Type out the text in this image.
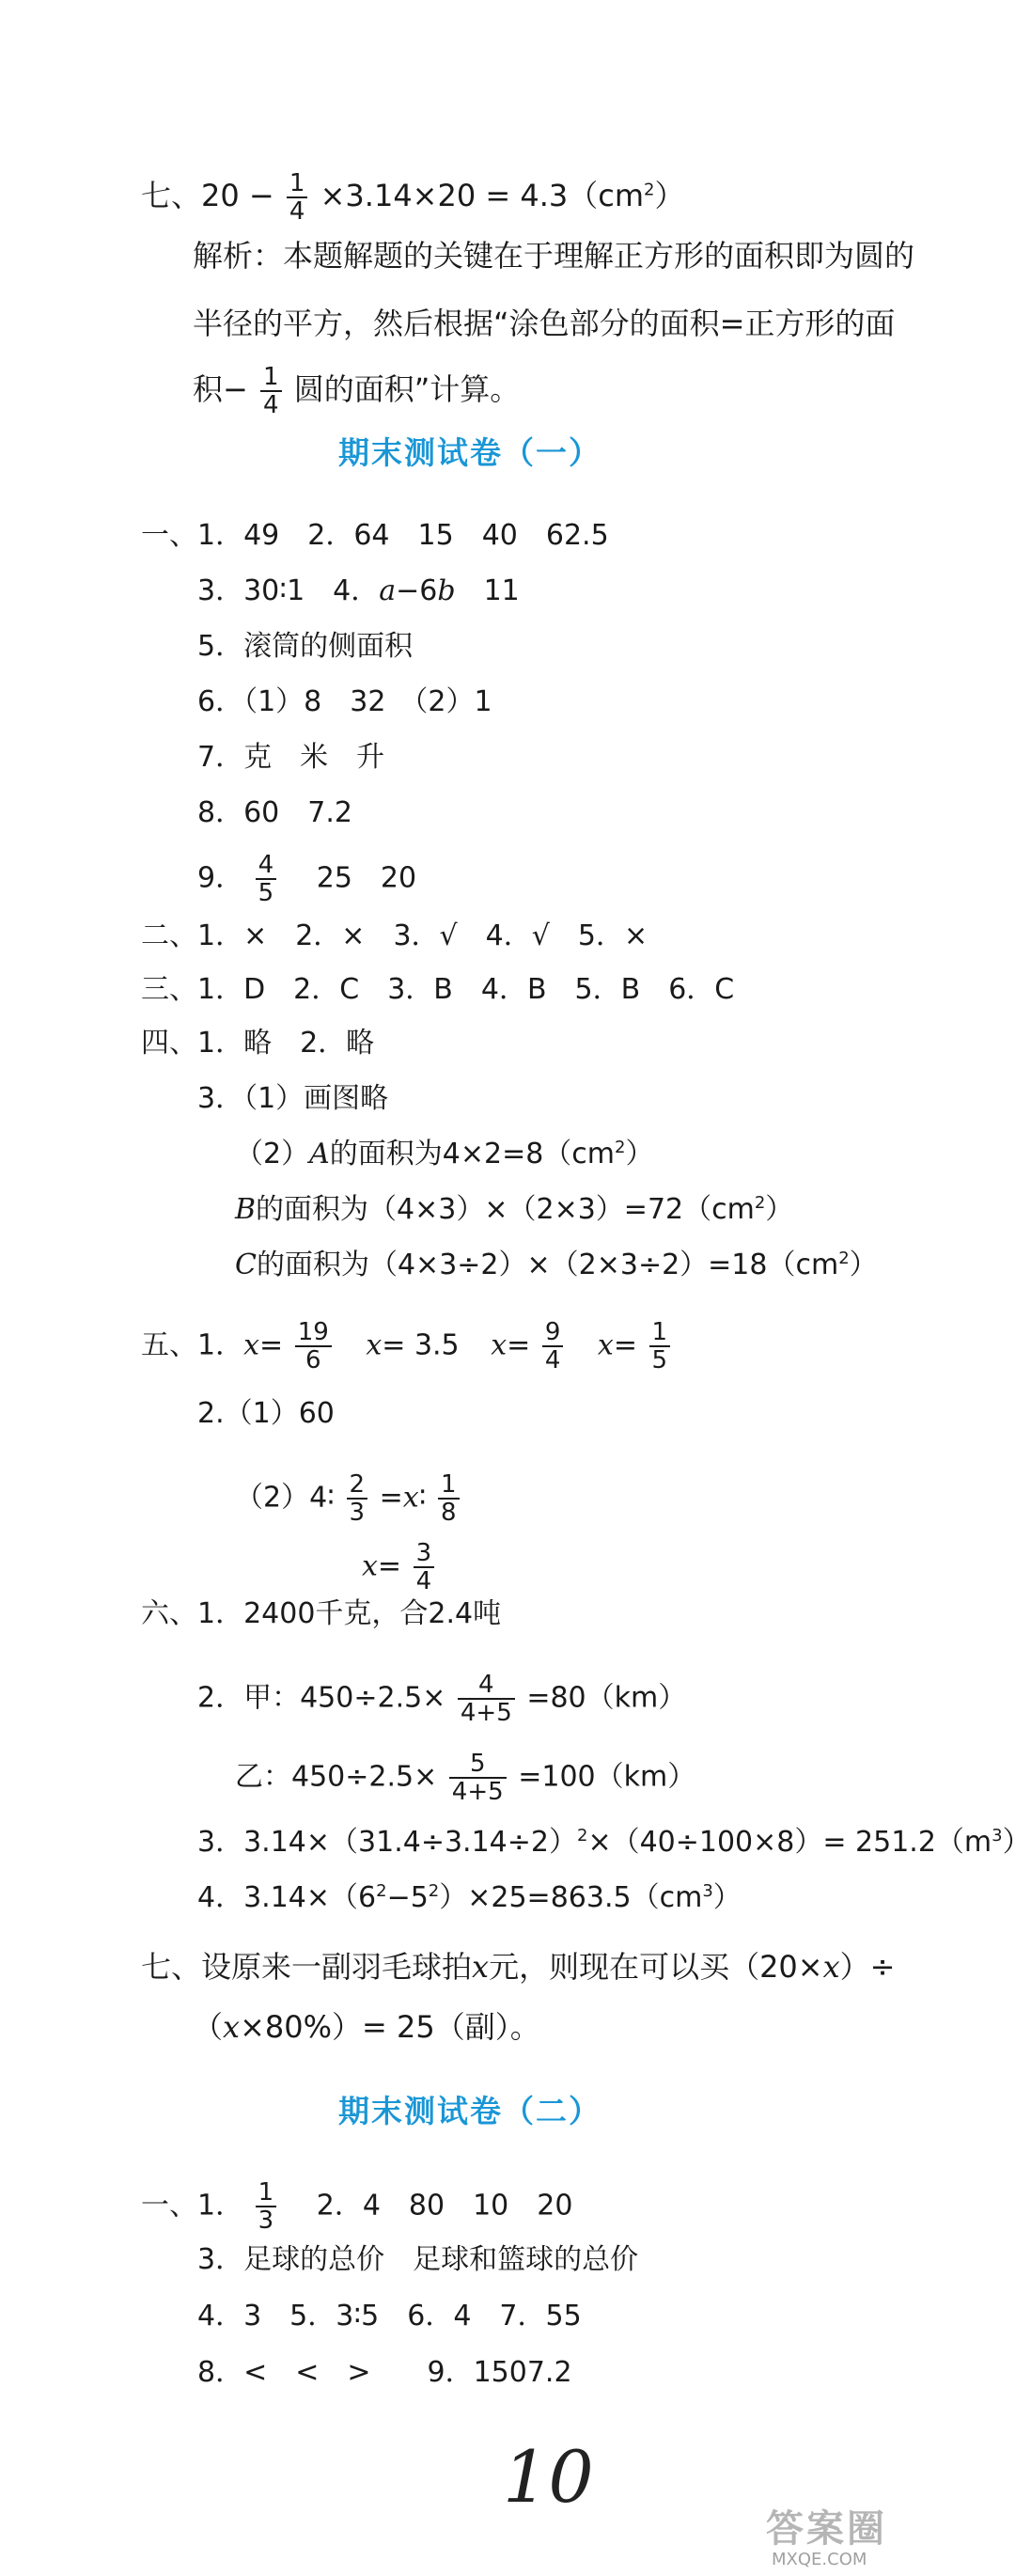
七、$20 - \frac{1}{4} \times 3.14\times 20 = 4.3(cm^2)$
解析：本题解题的关键在于理解正方形的面积即为圆的
半径的平方，然后根据“涂色部分的面积=正方形的面
积− $\frac{1}{4}$ 圆的面积”计算。
期末测试卷（一）
一、1．49　2．64　15　40　62.5
3．30∶1　4．a−6b　11
5．滚筒的侧面积
6．（1）8　32　（2）1
7．克　米　升
8．60　7.2
9． $\frac{4}{5}$ 　25　20
二、1．×　2．×　3．√　4．√　5．×
三、1．D　2．C　3．B　4．B　5．B　6．C
四、1．略　2．略
3．（1）画图略
（2）A的面积为$4\times 2=8(cm^2)$
B的面积为$(4\times 3)\times(2\times 3)=72(cm^2)$
C的面积为$(4\times 3\div 2)\times(2\times 3\div 2)=18(cm^2)$
五、1．$x= \frac{19}{6} x= 3.5$ $x= \frac{9}{4} x= \frac{1}{5}$
2.（1）60
（2）4∶ $\frac{2}{3}$ =x∶ $\frac{1}{8}$
$x= \frac{3}{4}$
六、1．2400千克，合2.4吨
2．甲：$450\div 2.5\times \frac{4}{4+5} =80(km)$
乙：$450\div 2.5\times \frac{5}{4+5} =100(km)$
3．$3.14\times(31.4\div 3.14\div 2)^2\times(40\div 100\times 8)= 251.2(m^3)$
4．$3.14\times(6^2-5^2)\times 25=863.5(cm^3)$
七、设原来一副羽毛球拍x元，则现在可以买（20×x）÷
（x×80%）= 25（副）。
期末测试卷（二）
一、1． $\frac{1}{3}$ 　2．4　80　10　20
3．足球的总价　足球和篮球的总价
4．3　5．3∶5　6．4　7．55
8．<　<　>　　9．1507.2
10
答案圈
MXQE.COM
